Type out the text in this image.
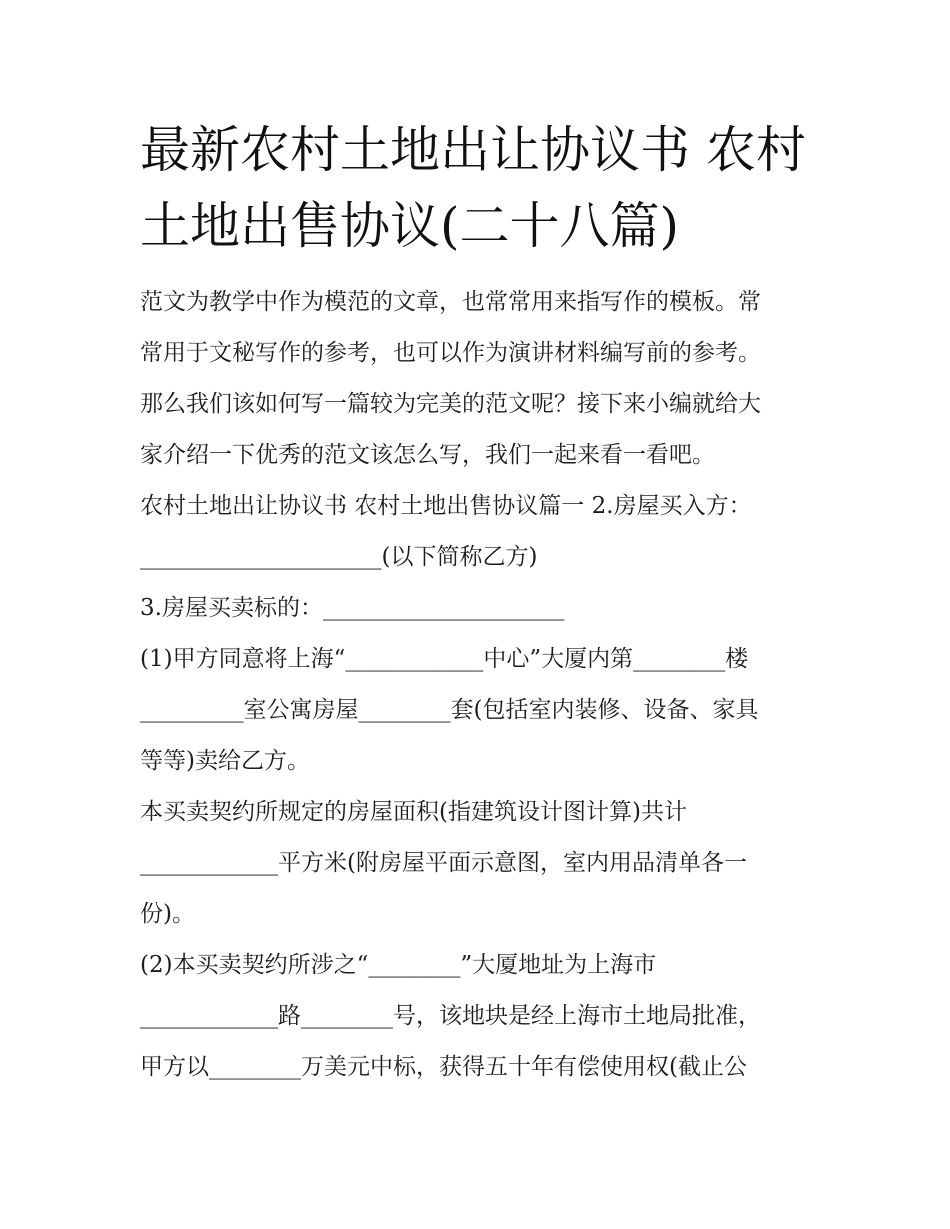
最新农村土地出让协议书 农村
土地出售协议(二十八篇)
范文为教学中作为模范的文章，也常常用来指写作的模板。常
常用于文秘写作的参考，也可以作为演讲材料编写前的参考。
那么我们该如何写一篇较为完美的范文呢？接下来小编就给大
家介绍一下优秀的范文该怎么写，我们一起来看一看吧。
农村土地出让协议书 农村土地出售协议篇一 2.房屋买入方：
_____________________(以下简称乙方)
3.房屋买卖标的：_____________________
(1)甲方同意将上海“____________中心”大厦内第________楼
_________室公寓房屋________套(包括室内装修、设备、家具
等等)卖给乙方。
本买卖契约所规定的房屋面积(指建筑设计图计算)共计
____________平方米(附房屋平面示意图，室内用品清单各一
份)。
(2)本买卖契约所涉之“________”大厦地址为上海市
____________路________号，该地块是经上海市土地局批准，
甲方以________万美元中标，获得五十年有偿使用权(截止公
